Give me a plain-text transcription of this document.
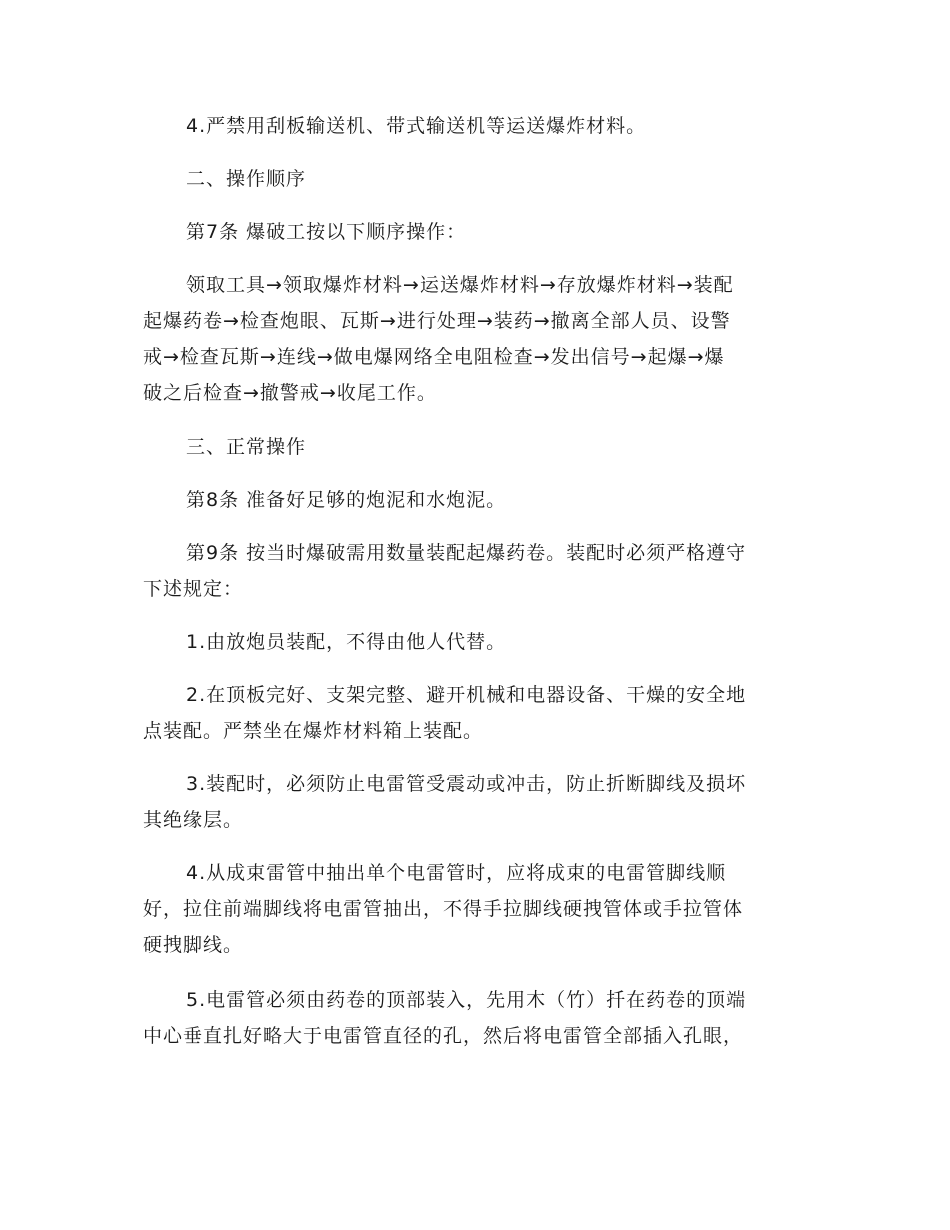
4.严禁用刮板输送机、带式输送机等运送爆炸材料。

二、操作顺序

第7条 爆破工按以下顺序操作：

领取工具→领取爆炸材料→运送爆炸材料→存放爆炸材料→装配
起爆药卷→检查炮眼、瓦斯→进行处理→装药→撤离全部人员、设警
戒→检查瓦斯→连线→做电爆网络全电阻检查→发出信号→起爆→爆
破之后检查→撤警戒→收尾工作。

三、正常操作

第8条 准备好足够的炮泥和水炮泥。

第9条 按当时爆破需用数量装配起爆药卷。装配时必须严格遵守
下述规定：

1.由放炮员装配，不得由他人代替。

2.在顶板完好、支架完整、避开机械和电器设备、干燥的安全地
点装配。严禁坐在爆炸材料箱上装配。

3.装配时，必须防止电雷管受震动或冲击，防止折断脚线及损坏
其绝缘层。

4.从成束雷管中抽出单个电雷管时，应将成束的电雷管脚线顺
好，拉住前端脚线将电雷管抽出，不得手拉脚线硬拽管体或手拉管体
硬拽脚线。

5.电雷管必须由药卷的顶部装入，先用木（竹）扦在药卷的顶端
中心垂直扎好略大于电雷管直径的孔，然后将电雷管全部插入孔眼，
